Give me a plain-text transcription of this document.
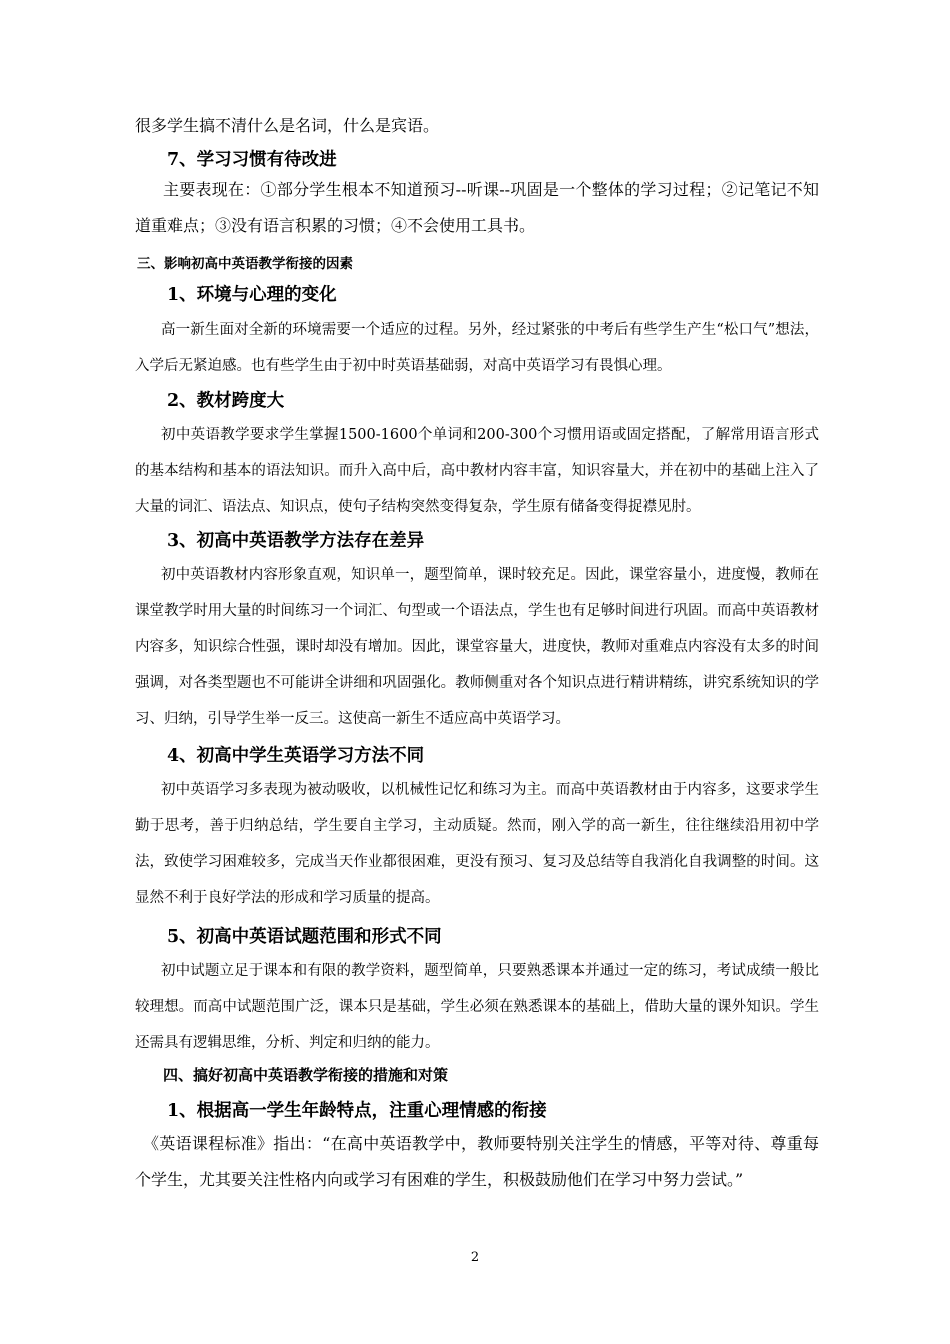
很多学生搞不清什么是名词，什么是宾语。

7、学习习惯有待改进

主要表现在：①部分学生根本不知道预习--听课--巩固是一个整体的学习过程；②记笔记不知道重难点；③没有语言积累的习惯；④不会使用工具书。

三、影响初高中英语教学衔接的因素
1、环境与心理的变化

高一新生面对全新的环境需要一个适应的过程。另外，经过紧张的中考后有些学生产生“松口气”想法，入学后无紧迫感。也有些学生由于初中时英语基础弱，对高中英语学习有畏惧心理。

2、教材跨度大

初中英语教学要求学生掌握1500-1600个单词和200-300个习惯用语或固定搭配，了解常用语言形式的基本结构和基本的语法知识。而升入高中后，高中教材内容丰富，知识容量大，并在初中的基础上注入了大量的词汇、语法点、知识点，使句子结构突然变得复杂，学生原有储备变得捉襟见肘。

3、初高中英语教学方法存在差异

初中英语教材内容形象直观，知识单一，题型简单，课时较充足。因此，课堂容量小，进度慢，教师在课堂教学时用大量的时间练习一个词汇、句型或一个语法点，学生也有足够时间进行巩固。而高中英语教材内容多，知识综合性强，课时却没有增加。因此，课堂容量大，进度快，教师对重难点内容没有太多的时间强调，对各类型题也不可能讲全讲细和巩固强化。教师侧重对各个知识点进行精讲精练，讲究系统知识的学习、归纳，引导学生举一反三。这使高一新生不适应高中英语学习。

4、初高中学生英语学习方法不同

初中英语学习多表现为被动吸收，以机械性记忆和练习为主。而高中英语教材由于内容多，这要求学生勤于思考，善于归纳总结，学生要自主学习，主动质疑。然而，刚入学的高一新生，往往继续沿用初中学法，致使学习困难较多，完成当天作业都很困难，更没有预习、复习及总结等自我消化自我调整的时间。这显然不利于良好学法的形成和学习质量的提高。

5、初高中英语试题范围和形式不同

初中试题立足于课本和有限的教学资料，题型简单，只要熟悉课本并通过一定的练习，考试成绩一般比较理想。而高中试题范围广泛，课本只是基础，学生必须在熟悉课本的基础上，借助大量的课外知识。学生还需具有逻辑思维，分析、判定和归纳的能力。

四、搞好初高中英语教学衔接的措施和对策
1、根据高一学生年龄特点，注重心理情感的衔接

《英语课程标准》指出：“在高中英语教学中，教师要特别关注学生的情感，平等对待、尊重每个学生，尤其要关注性格内向或学习有困难的学生，积极鼓励他们在学习中努力尝试。”

2
